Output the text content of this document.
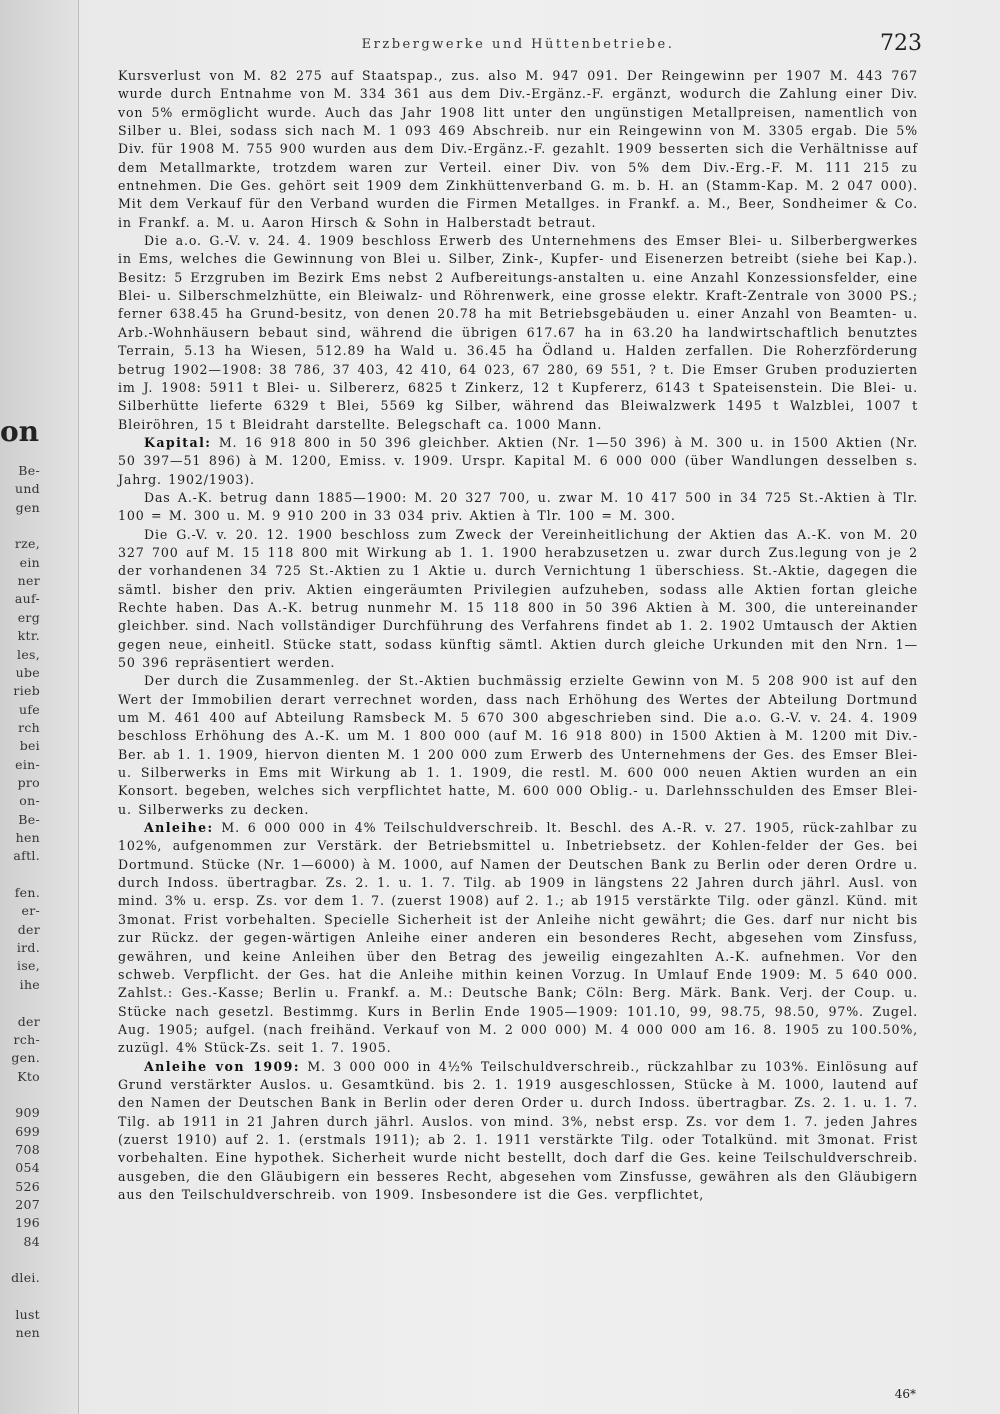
on
Be-
und
gen
rze,
ein
ner
auf-
erg
ktr.
les,
ube
rieb
ufe
rch
bei
ein-
pro
on-
Be-
hen
aftl.
fen.
er-
der
ird.
ise,
ihe
der
rch-
gen.
Kto
909
699
708
054
526
207
196
84
dlei.
lust
nen
Erzbergwerke und Hüttenbetriebe.	723

Kursverlust von M. 82 275 auf Staatspap., zus. also M. 947 091. Der Reingewinn per 1907 M. 443 767 wurde durch Entnahme von M. 334 361 aus dem Div.-Ergänz.-F. ergänzt, wodurch die Zahlung einer Div. von 5% ermöglicht wurde. Auch das Jahr 1908 litt unter den ungünstigen Metallpreisen, namentlich von Silber u. Blei, sodass sich nach M. 1 093 469 Abschreib. nur ein Reingewinn von M. 3305 ergab. Die 5% Div. für 1908 M. 755 900 wurden aus dem Div.-Ergänz.-F. gezahlt. 1909 besserten sich die Verhältnisse auf dem Metallmarkte, trotzdem waren zur Verteil. einer Div. von 5% dem Div.-Erg.-F. M. 111 215 zu entnehmen. Die Ges. gehört seit 1909 dem Zinkhüttenverband G. m. b. H. an (Stamm-Kap. M. 2 047 000). Mit dem Verkauf für den Verband wurden die Firmen Metallges. in Frankf. a. M., Beer, Sondheimer & Co. in Frankf. a. M. u. Aaron Hirsch & Sohn in Halberstadt betraut.

Die a.o. G.-V. v. 24. 4. 1909 beschloss Erwerb des Unternehmens des Emser Blei- u. Silberbergwerkes in Ems, welches die Gewinnung von Blei u. Silber, Zink-, Kupfer- und Eisenerzen betreibt (siehe bei Kap.). Besitz: 5 Erzgruben im Bezirk Ems nebst 2 Aufbereitungs-anstalten u. eine Anzahl Konzessionsfelder, eine Blei- u. Silberschmelzhütte, ein Bleiwalz- und Röhrenwerk, eine grosse elektr. Kraft-Zentrale von 3000 PS.; ferner 638.45 ha Grund-besitz, von denen 20.78 ha mit Betriebsgebäuden u. einer Anzahl von Beamten- u. Arb.-Wohnhäusern bebaut sind, während die übrigen 617.67 ha in 63.20 ha landwirtschaftlich benutztes Terrain, 5.13 ha Wiesen, 512.89 ha Wald u. 36.45 ha Ödland u. Halden zerfallen. Die Roherzförderung betrug 1902—1908: 38 786, 37 403, 42 410, 64 023, 67 280, 69 551, ? t. Die Emser Gruben produzierten im J. 1908: 5911 t Blei- u. Silbererz, 6825 t Zinkerz, 12 t Kupfererz, 6143 t Spateisenstein. Die Blei- u. Silberhütte lieferte 6329 t Blei, 5569 kg Silber, während das Bleiwalzwerk 1495 t Walzblei, 1007 t Bleiröhren, 15 t Bleidraht darstellte. Belegschaft ca. 1000 Mann.

Kapital: M. 16 918 800 in 50 396 gleichber. Aktien (Nr. 1—50 396) à M. 300 u. in 1500 Aktien (Nr. 50 397—51 896) à M. 1200, Emiss. v. 1909. Urspr. Kapital M. 6 000 000 (über Wandlungen desselben s. Jahrg. 1902/1903).

Das A.-K. betrug dann 1885—1900: M. 20 327 700, u. zwar M. 10 417 500 in 34 725 St.-Aktien à Tlr. 100 = M. 300 u. M. 9 910 200 in 33 034 priv. Aktien à Tlr. 100 = M. 300.

Die G.-V. v. 20. 12. 1900 beschloss zum Zweck der Vereinheitlichung der Aktien das A.-K. von M. 20 327 700 auf M. 15 118 800 mit Wirkung ab 1. 1. 1900 herabzusetzen u. zwar durch Zus.legung von je 2 der vorhandenen 34 725 St.-Aktien zu 1 Aktie u. durch Vernichtung 1 überschiess. St.-Aktie, dagegen die sämtl. bisher den priv. Aktien eingeräumten Privilegien aufzuheben, sodass alle Aktien fortan gleiche Rechte haben. Das A.-K. betrug nunmehr M. 15 118 800 in 50 396 Aktien à M. 300, die untereinander gleichber. sind. Nach vollständiger Durchführung des Verfahrens findet ab 1. 2. 1902 Umtausch der Aktien gegen neue, einheitl. Stücke statt, sodass künftig sämtl. Aktien durch gleiche Urkunden mit den Nrn. 1—50 396 repräsentiert werden.

Der durch die Zusammenleg. der St.-Aktien buchmässig erzielte Gewinn von M. 5 208 900 ist auf den Wert der Immobilien derart verrechnet worden, dass nach Erhöhung des Wertes der Abteilung Dortmund um M. 461 400 auf Abteilung Ramsbeck M. 5 670 300 abgeschrieben sind. Die a.o. G.-V. v. 24. 4. 1909 beschloss Erhöhung des A.-K. um M. 1 800 000 (auf M. 16 918 800) in 1500 Aktien à M. 1200 mit Div.-Ber. ab 1. 1. 1909, hiervon dienten M. 1 200 000 zum Erwerb des Unternehmens der Ges. des Emser Blei- u. Silberwerks in Ems mit Wirkung ab 1. 1. 1909, die restl. M. 600 000 neuen Aktien wurden an ein Konsort. begeben, welches sich verpflichtet hatte, M. 600 000 Oblig.- u. Darlehnsschulden des Emser Blei- u. Silberwerks zu decken.

Anleihe: M. 6 000 000 in 4% Teilschuldverschreib. lt. Beschl. des A.-R. v. 27. 1905, rück-zahlbar zu 102%, aufgenommen zur Verstärk. der Betriebsmittel u. Inbetriebsetz. der Kohlen-felder der Ges. bei Dortmund. Stücke (Nr. 1—6000) à M. 1000, auf Namen der Deutschen Bank zu Berlin oder deren Ordre u. durch Indoss. übertragbar. Zs. 2. 1. u. 1. 7. Tilg. ab 1909 in längstens 22 Jahren durch jährl. Ausl. von mind. 3% u. ersp. Zs. vor dem 1. 7. (zuerst 1908) auf 2. 1.; ab 1915 verstärkte Tilg. oder gänzl. Künd. mit 3monat. Frist vorbehalten. Specielle Sicherheit ist der Anleihe nicht gewährt; die Ges. darf nur nicht bis zur Rückz. der gegen-wärtigen Anleihe einer anderen ein besonderes Recht, abgesehen vom Zinsfuss, gewähren, und keine Anleihen über den Betrag des jeweilig eingezahlten A.-K. aufnehmen. Vor den schweb. Verpflicht. der Ges. hat die Anleihe mithin keinen Vorzug. In Umlauf Ende 1909: M. 5 640 000. Zahlst.: Ges.-Kasse; Berlin u. Frankf. a. M.: Deutsche Bank; Cöln: Berg. Märk. Bank. Verj. der Coup. u. Stücke nach gesetzl. Bestimmg. Kurs in Berlin Ende 1905—1909: 101.10, 99, 98.75, 98.50, 97%. Zugel. Aug. 1905; aufgel. (nach freihänd. Verkauf von M. 2 000 000) M. 4 000 000 am 16. 8. 1905 zu 100.50%, zuzügl. 4% Stück-Zs. seit 1. 7. 1905.

Anleihe von 1909: M. 3 000 000 in 4½% Teilschuldverschreib., rückzahlbar zu 103%. Einlösung auf Grund verstärkter Auslos. u. Gesamtkünd. bis 2. 1. 1919 ausgeschlossen, Stücke à M. 1000, lautend auf den Namen der Deutschen Bank in Berlin oder deren Order u. durch Indoss. übertragbar. Zs. 2. 1. u. 1. 7. Tilg. ab 1911 in 21 Jahren durch jährl. Auslos. von mind. 3%, nebst ersp. Zs. vor dem 1. 7. jeden Jahres (zuerst 1910) auf 2. 1. (erstmals 1911); ab 2. 1. 1911 verstärkte Tilg. oder Totalkünd. mit 3monat. Frist vorbehalten. Eine hypothek. Sicherheit wurde nicht bestellt, doch darf die Ges. keine Teilschuldverschreib. ausgeben, die den Gläubigern ein besseres Recht, abgesehen vom Zinsfusse, gewähren als den Gläubigern aus den Teilschuldverschreib. von 1909. Insbesondere ist die Ges. verpflichtet,

46*
